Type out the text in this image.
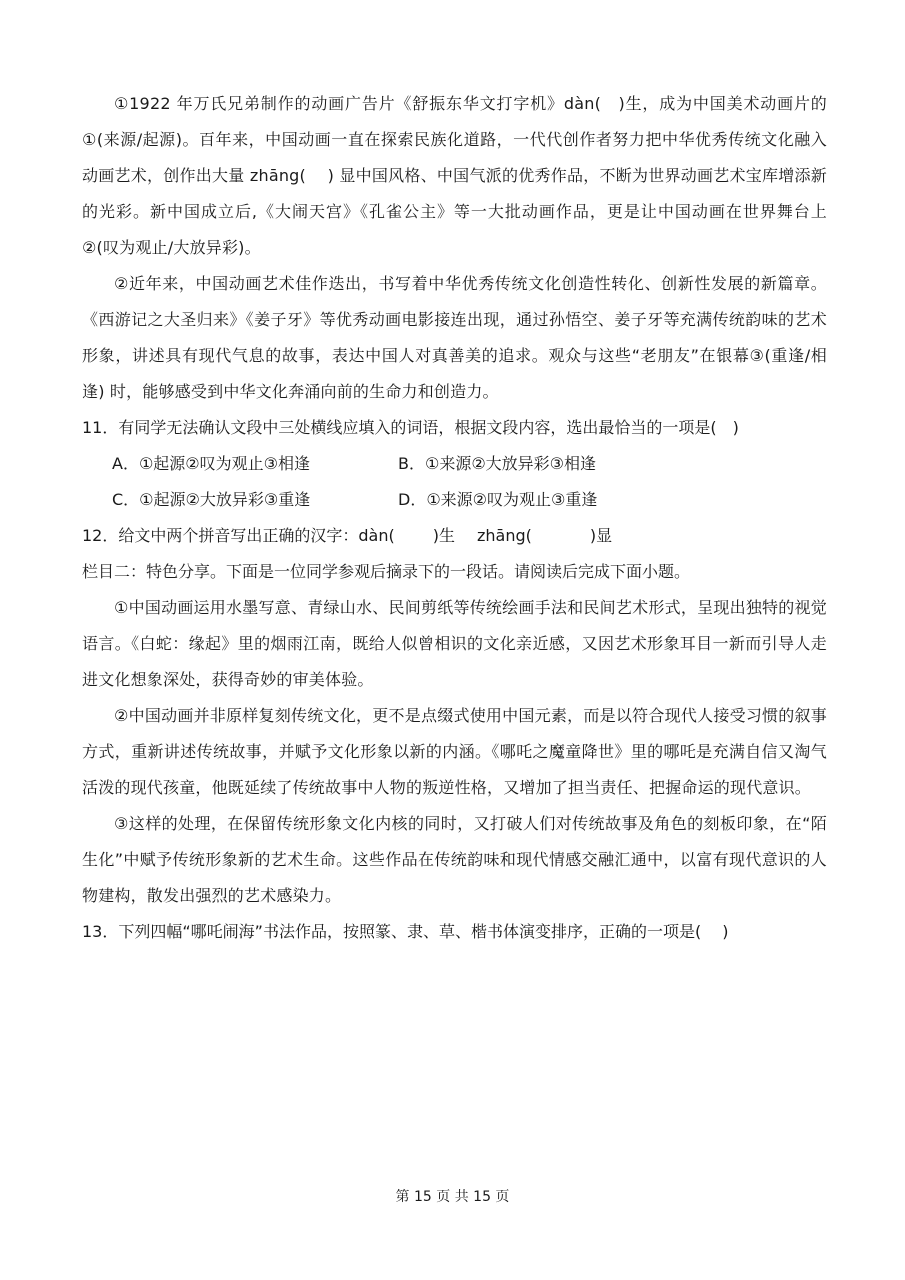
①1922 年万氏兄弟制作的动画广告片《舒振东华文打字机》dàn(　)生，成为中国美术动画片的①(来源/起源)。百年来，中国动画一直在探索民族化道路，一代代创作者努力把中华优秀传统文化融入动画艺术，创作出大量 zhāng(　 ) 显中国风格、中国气派的优秀作品，不断为世界动画艺术宝库增添新的光彩。新中国成立后,《大闹天宫》《孔雀公主》等一大批动画作品，更是让中国动画在世界舞台上②(叹为观止/大放异彩)。

②近年来，中国动画艺术佳作迭出，书写着中华优秀传统文化创造性转化、创新性发展的新篇章。《西游记之大圣归来》《姜子牙》等优秀动画电影接连出现，通过孙悟空、姜子牙等充满传统韵味的艺术形象，讲述具有现代气息的故事，表达中国人对真善美的追求。观众与这些“老朋友”在银幕③(重逢/相逢) 时，能够感受到中华文化奔涌向前的生命力和创造力。

11．有同学无法确认文段中三处横线应填入的词语，根据文段内容，选出最恰当的一项是(　)

A．①起源②叹为观止③相逢	B．①来源②大放异彩③相逢
C．①起源②大放异彩③重逢	D．①来源②叹为观止③重逢

12．给文中两个拼音写出正确的汉字：dàn( )生 zhāng(	)显

栏目二：特色分享。下面是一位同学参观后摘录下的一段话。请阅读后完成下面小题。

①中国动画运用水墨写意、青绿山水、民间剪纸等传统绘画手法和民间艺术形式，呈现出独特的视觉语言。《白蛇：缘起》里的烟雨江南，既给人似曾相识的文化亲近感，又因艺术形象耳目一新而引导人走进文化想象深处，获得奇妙的审美体验。

②中国动画并非原样复刻传统文化，更不是点缀式使用中国元素，而是以符合现代人接受习惯的叙事方式，重新讲述传统故事，并赋予文化形象以新的内涵。《哪吒之魔童降世》里的哪吒是充满自信又淘气活泼的现代孩童，他既延续了传统故事中人物的叛逆性格，又增加了担当责任、把握命运的现代意识。

③这样的处理，在保留传统形象文化内核的同时，又打破人们对传统故事及角色的刻板印象，在“陌生化”中赋予传统形象新的艺术生命。这些作品在传统韵味和现代情感交融汇通中，以富有现代意识的人物建构，散发出强烈的艺术感染力。

13．下列四幅“哪吒闹海”书法作品，按照篆、隶、草、楷书体演变排序，正确的一项是(　 )

第 15 页 共 15 页
